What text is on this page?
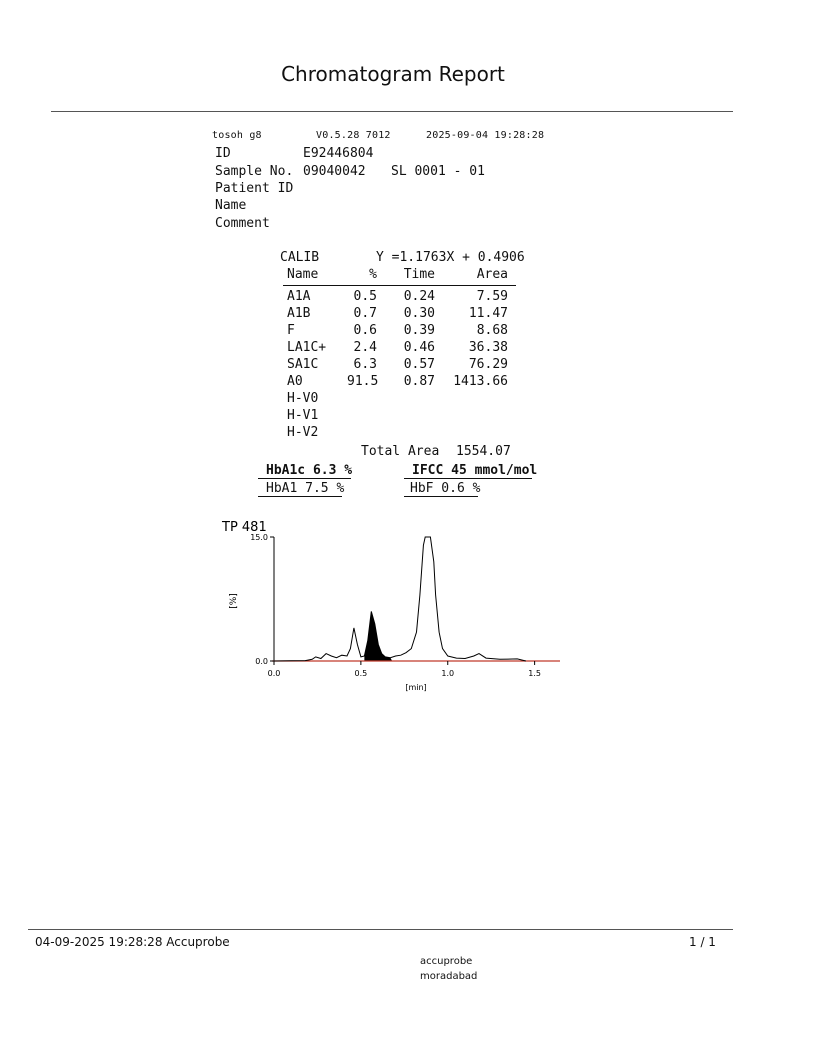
Chromatogram Report
tosoh g8	V0.5.28 7012	2025-09-04 19:28:28
ID	E92446804
Sample No. 09040042 SL 0001 - 01
Patient ID
Name
Comment
CALIB	Y =1.1763X + 0.4906
Name	%	Time	Area
A1A	0.5	0.24	7.59
A1B	0.7	0.30	11.47
F	0.6	0.39	8.68
LA1C+	2.4	0.46	36.38
SA1C	6.3	0.57	76.29
A0	91.5	0.87	1413.66
H-V0
H-V1
H-V2
Total Area 1554.07
HbA1c 6.3 %	IFCC 45 mmol/mol
HbA1 7.5 %	HbF 0.6 %
TP 481
[%]
[min]
0.0	0.5	1.0	1.5
0.0
15.0
04-09-2025 19:28:28 Accuprobe	1 / 1
accuprobe
moradabad
